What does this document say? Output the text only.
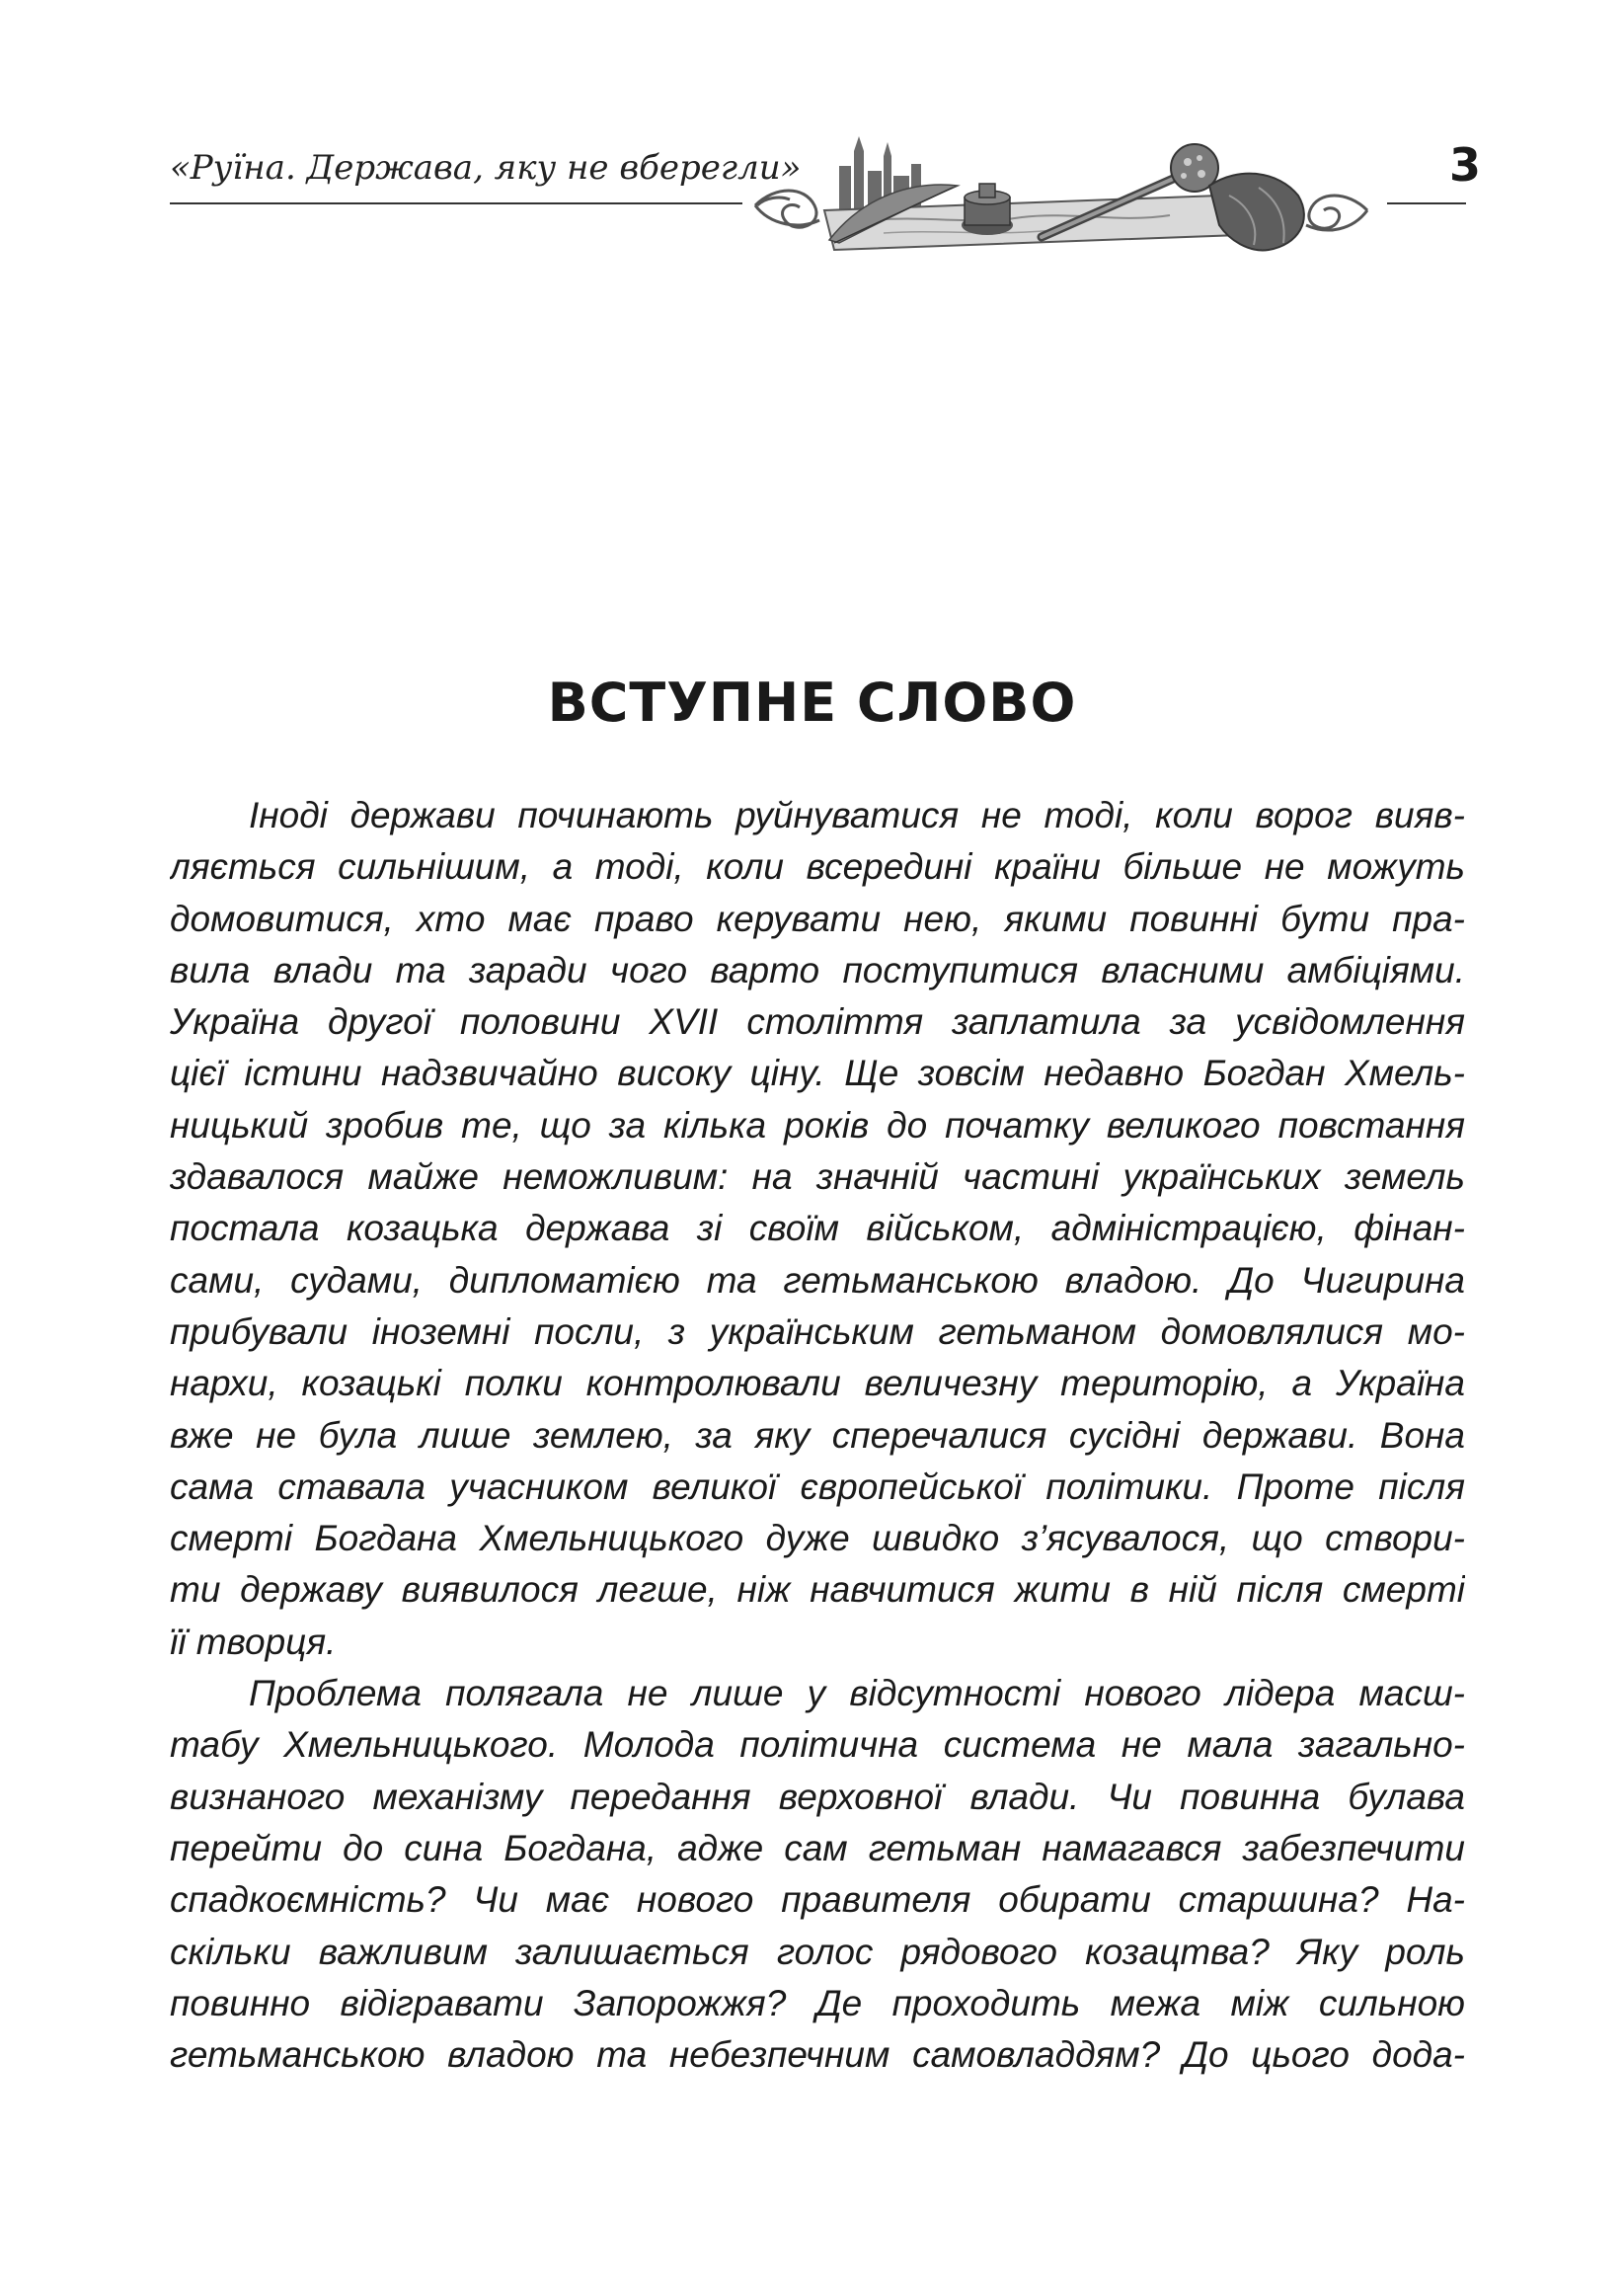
«Руїна. Держава, яку не вберегли»	3
ВСТУПНЕ СЛОВО
Іноді держави починають руйнуватися не тоді, коли ворог вияв-
ляється сильнішим, а тоді, коли всередині країни більше не можуть
домовитися, хто має право керувати нею, якими повинні бути пра-
вила влади та заради чого варто поступитися власними амбіціями.
Україна другої половини XVII століття заплатила за усвідомлення
цієї істини надзвичайно високу ціну. Ще зовсім недавно Богдан Хмель-
ницький зробив те, що за кілька років до початку великого повстання
здавалося майже неможливим: на значній частині українських земель
постала козацька держава зі своїм військом, адміністрацією, фінан-
сами, судами, дипломатією та гетьманською владою. До Чигирина
прибували іноземні посли, з українським гетьманом домовлялися мо-
нархи, козацькі полки контролювали величезну територію, а Україна
вже не була лише землею, за яку сперечалися сусідні держави. Вона
сама ставала учасником великої європейської політики. Проте після
смерті Богдана Хмельницького дуже швидко з’ясувалося, що створи-
ти державу виявилося легше, ніж навчитися жити в ній після смерті
її творця.
Проблема полягала не лише у відсутності нового лідера масш-
табу Хмельницького. Молода політична система не мала загально-
визнаного механізму передання верховної влади. Чи повинна булава
перейти до сина Богдана, адже сам гетьман намагався забезпечити
спадкоємність? Чи має нового правителя обирати старшина? На-
скільки важливим залишається голос рядового козацтва? Яку роль
повинно відігравати Запорожжя? Де проходить межа між сильною
гетьманською владою та небезпечним самовладдям? До цього дода-
